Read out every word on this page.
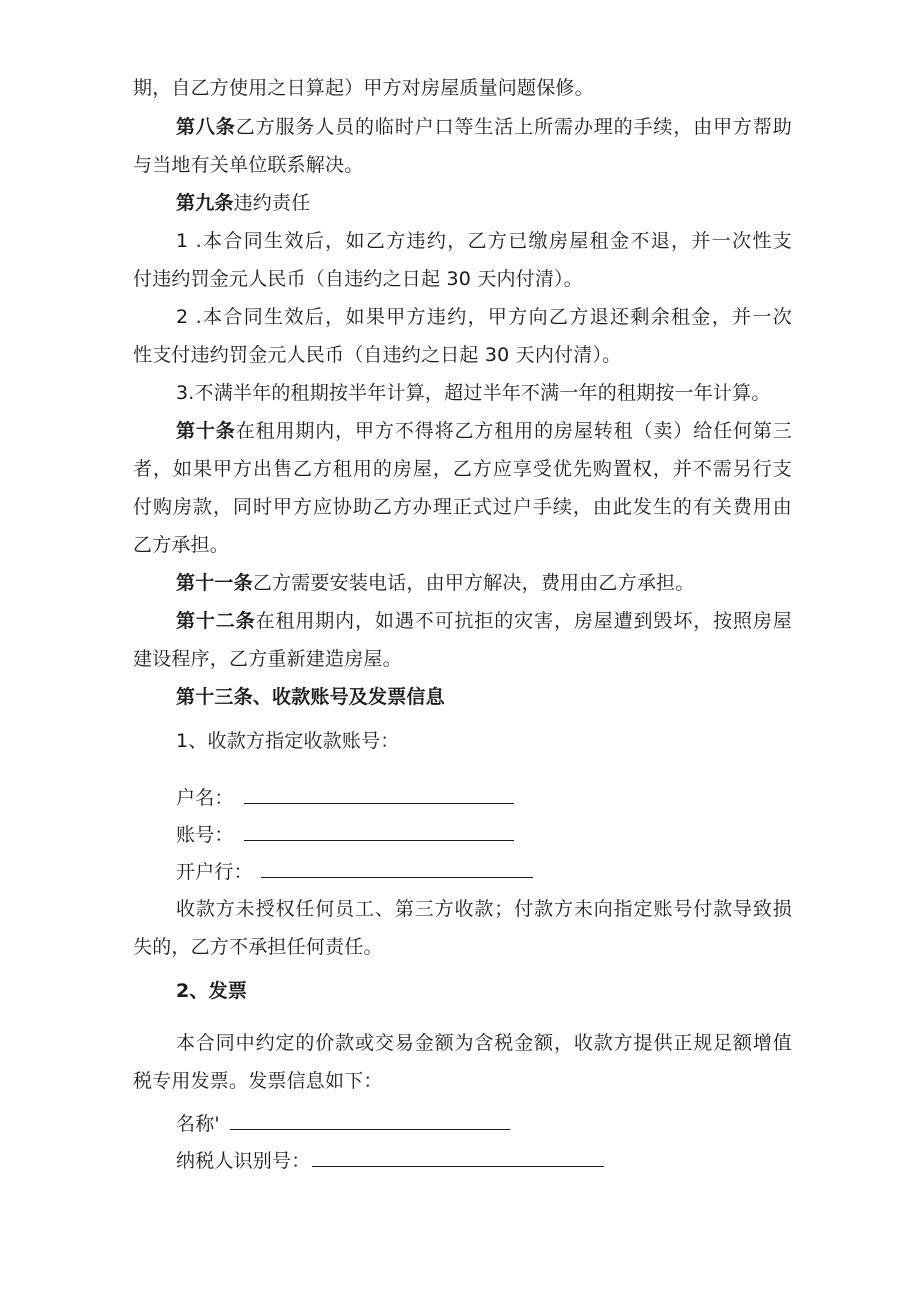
期，自乙方使用之日算起）甲方对房屋质量问题保修。
第八条乙方服务人员的临时户口等生活上所需办理的手续，由甲方帮助
与当地有关单位联系解决。
第九条违约责任
1 .本合同生效后，如乙方违约，乙方已缴房屋租金不退，并一次性支
付违约罚金元人民币（自违约之日起 30 天内付清）。
2 .本合同生效后，如果甲方违约，甲方向乙方退还剩余租金，并一次
性支付违约罚金元人民币（自违约之日起 30 天内付清）。
3.不满半年的租期按半年计算，超过半年不满一年的租期按一年计算。
第十条在租用期内，甲方不得将乙方租用的房屋转租（卖）给任何第三
者，如果甲方出售乙方租用的房屋，乙方应享受优先购置权，并不需另行支
付购房款，同时甲方应协助乙方办理正式过户手续，由此发生的有关费用由
乙方承担。
第十一条乙方需要安装电话，由甲方解决，费用由乙方承担。
第十二条在租用期内，如遇不可抗拒的灾害，房屋遭到毁坏，按照房屋
建设程序，乙方重新建造房屋。
第十三条、收款账号及发票信息
1、收款方指定收款账号：
户名：
账号：
开户行：
收款方未授权任何员工、第三方收款；付款方未向指定账号付款导致损
失的，乙方不承担任何责任。
2、发票
本合同中约定的价款或交易金额为含税金额，收款方提供正规足额增值
税专用发票。发票信息如下：
名称'
纳税人识别号：
